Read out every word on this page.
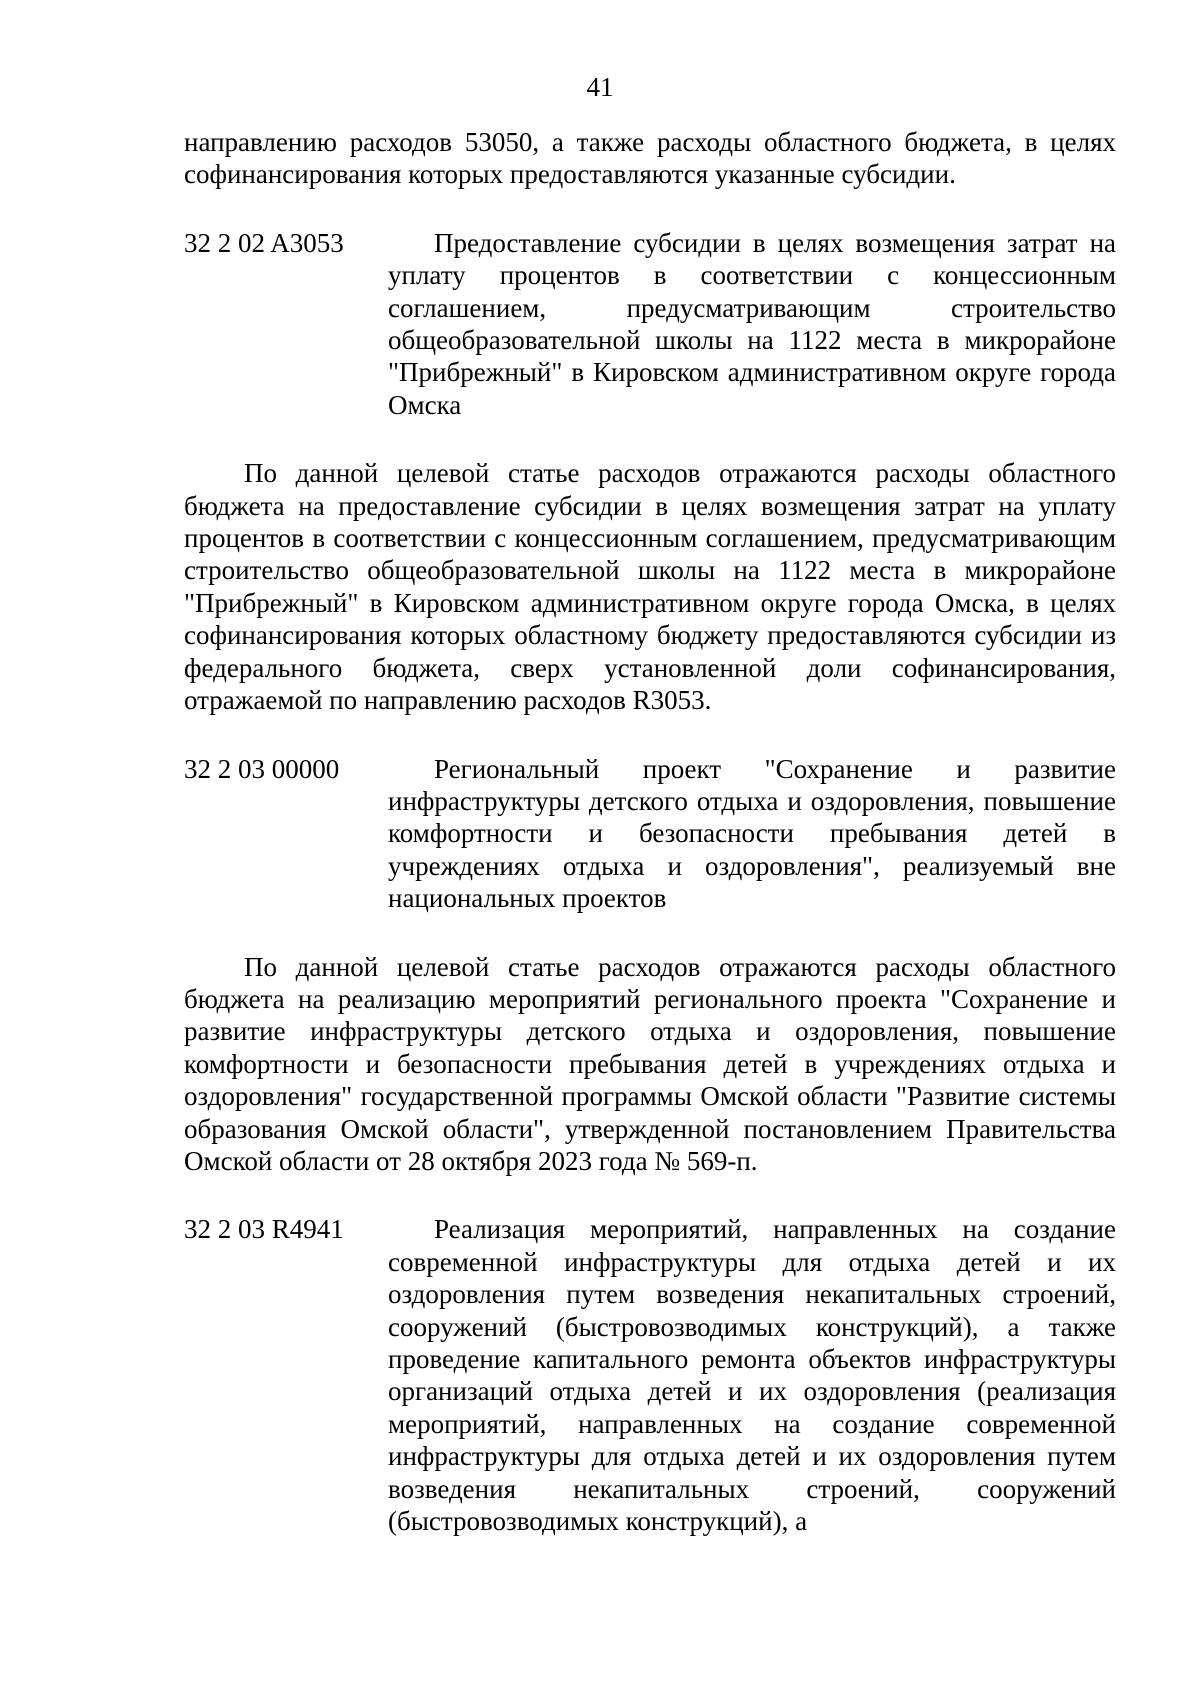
41

направлению расходов 53050, а также расходы областного бюджета, в целях софинансирования которых предоставляются указанные субсидии.

32 2 02 A3053	Предоставление субсидии в целях возмещения затрат на уплату процентов в соответствии с концессионным соглашением, предусматривающим строительство общеобразовательной школы на 1122 места в микрорайоне "Прибрежный" в Кировском административном округе города Омска

По данной целевой статье расходов отражаются расходы областного бюджета на предоставление субсидии в целях возмещения затрат на уплату процентов в соответствии с концессионным соглашением, предусматривающим строительство общеобразовательной школы на 1122 места в микрорайоне "Прибрежный" в Кировском административном округе города Омска, в целях софинансирования которых областному бюджету предоставляются субсидии из федерального бюджета, сверх установленной доли софинансирования, отражаемой по направлению расходов R3053.

32 2 03 00000	Региональный проект "Сохранение и развитие инфраструктуры детского отдыха и оздоровления, повышение комфортности и безопасности пребывания детей в учреждениях отдыха и оздоровления", реализуемый вне национальных проектов

По данной целевой статье расходов отражаются расходы областного бюджета на реализацию мероприятий регионального проекта "Сохранение и развитие инфраструктуры детского отдыха и оздоровления, повышение комфортности и безопасности пребывания детей в учреждениях отдыха и оздоровления" государственной программы Омской области "Развитие системы образования Омской области", утвержденной постановлением Правительства Омской области от 28 октября 2023 года № 569-п.

32 2 03 R4941	Реализация мероприятий, направленных на создание современной инфраструктуры для отдыха детей и их оздоровления путем возведения некапитальных строений, сооружений (быстровозводимых конструкций), а также проведение капитального ремонта объектов инфраструктуры организаций отдыха детей и их оздоровления (реализация мероприятий, направленных на создание современной инфраструктуры для отдыха детей и их оздоровления путем возведения некапитальных строений, сооружений (быстровозводимых конструкций), а
